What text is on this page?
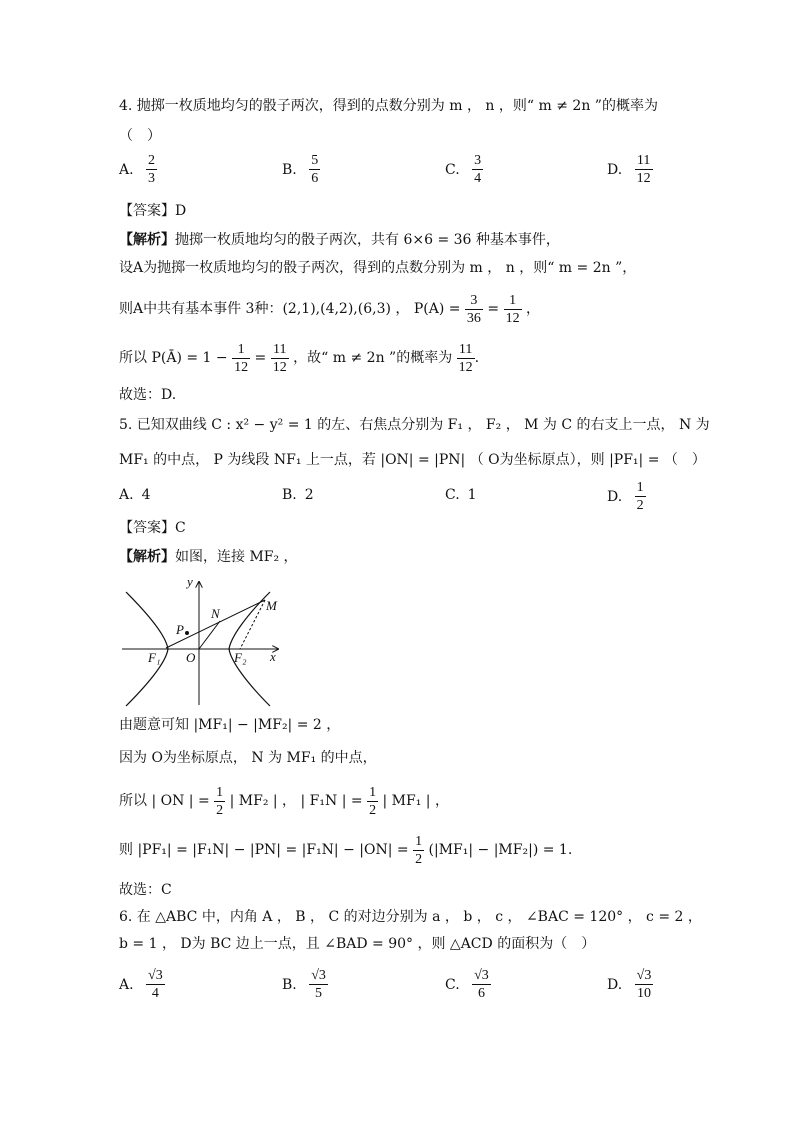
4. 抛掷一枚质地均匀的骰子两次，得到的点数分别为 m ， n ，则“ m ≠ 2n ”的概率为
（　）
A. $\frac{2}{3}$	B. $\frac{5}{6}$	C. $\frac{3}{4}$	D. $\frac{11}{12}$
【答案】D
【解析】抛掷一枚质地均匀的骰子两次，共有 6×6 = 36 种基本事件，
设A为抛掷一枚质地均匀的骰子两次，得到的点数分别为 m ， n ，则“ m = 2n ”，
则A中共有基本事件 3种：(2,1),(4,2),(6,3) ， $P(A) = \frac{3}{36} = \frac{1}{12}$ ，
所以 P(Ā) = $1 - \frac{1}{12} = \frac{11}{12}$ ，故“ m ≠ 2n ”的概率为 $\frac{11}{12}$ .
故选：D.
5. 已知双曲线 C : x² − y² = 1 的左、右焦点分别为 F₁ ， F₂ ， M 为 C 的右支上一点， N 为
MF₁ 的中点， P 为线段 NF₁ 上一点，若 |ON| = |PN| （ O为坐标原点），则 |PF₁| = （　）
A. 4	B. 2	C. 1	D. $\frac{1}{2}$
【答案】C
【解析】如图，连接 MF₂ ，
y
x
N
M
P
F₁ O	F₂
由题意可知 |MF₁| − |MF₂| = 2 ，
因为 O为坐标原点， N 为 MF₁ 的中点，
所以 | ON | = $\frac{1}{2}$ | MF₂ | ， | F₁N | = $\frac{1}{2}$ | MF₁ | ，
则 $|PF_1| = |F_1N| - |PN| = |F_1N| - |ON| = \frac{1}{2} (|MF_1| - |MF_2|) = 1$.
故选：C
6. 在 △ABC 中，内角 A ， B ， C 的对边分别为 a ， b ， c ， ∠BAC = 120° ， c = 2 ，
b = 1 ， D为 BC 边上一点，且 ∠BAD = 90° ，则 △ACD 的面积为（　）
A. $\frac{√3}{4}$	B. $\frac{√3}{5}$	C. $\frac{√3}{6}$	D. $\frac{√3}{10}$
